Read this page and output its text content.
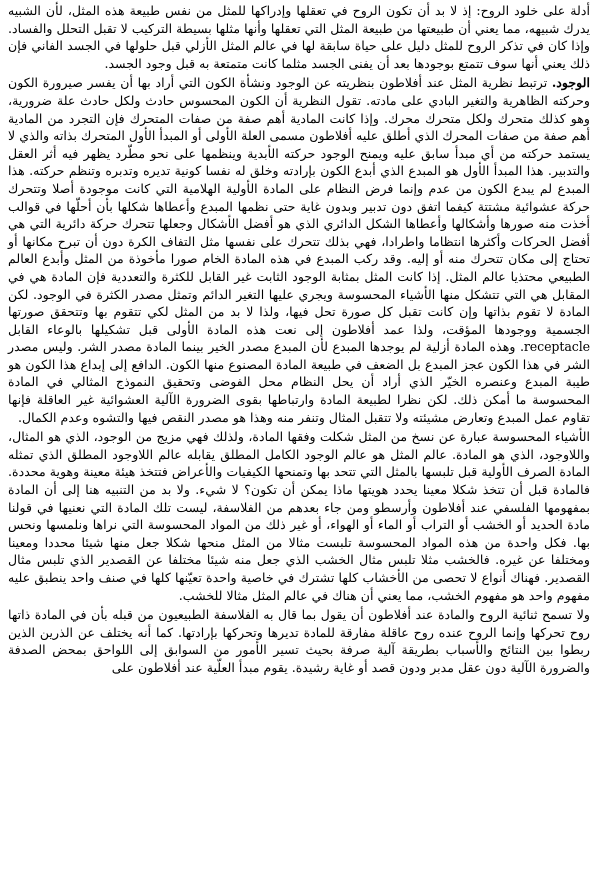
أدلة على خلود الروح: إذ لا بد أن تكون الروح في تعقلها وإدراكها للمثل من نفس طبيعة هذه المثل، لأن الشبيه يدرك شبيهه، مما يعني أن طبيعتها من طبيعة المثل التي تعقلها وأنها مثلها بسيطة التركيب لا تقبل التحلل والفساد. وإذا كان في تذكر الروح للمثل دليل على حياة سابقة لها في عالم المثل الأزلي قبل حلولها في الجسد الفاني فإن ذلك يعني أنها سوف تتمتع بوجودها بعد أن يفنى الجسد مثلما كانت متمتعة به قبل وجود الجسد.

الوجود. ترتبط نظرية المثل عند أفلاطون بنظريته عن الوجود ونشأة الكون التي أراد بها أن يفسر صيرورة الكون وحركته الظاهرية والتغير البادي على مادته. تقول النظرية أن الكون المحسوس حادث ولكل حادث علة ضرورية، وهو كذلك متحرك ولكل متحرك محرك. وإذا كانت المادية أهم صفة من صفات المتحرك فإن التجرد من المادية أهم صفة من صفات المحرك الذي أطلق عليه أفلاطون مسمى العلة الأولى أو المبدأ الأول المتحرك بذاته والذي لا يستمد حركته من أي مبدأ سابق عليه ويمنح الوجود حركته الأبدية وينظمها على نحو مطّرد يظهر فيه أثر العقل والتدبير. هذا المبدأ الأول هو المبدع الذي أبدع الكون بإرادته وخلق له نفسا كونية تديره وتدبره وتنظم حركته. هذا المبدع لم يبدع الكون من عدم وإنما فرض النظام على المادة الأولية الهلامية التي كانت موجودة أصلا وتتحرك حركة عشوائية مشتتة كيفما اتفق دون تدبير وبدون غاية حتى نظمها المبدع وأعطاها شكلها بأن أحلّها في قوالب أخذت منه صورها وأشكالها وأعطاها الشكل الدائري الذي هو أفضل الأشكال وجعلها تتحرك حركة دائرية التي هي أفضل الحركات وأكثرها انتظاما واطرادا، فهي بذلك تتحرك على نفسها مثل التفاف الكرة دون أن تبرح مكانها أو تحتاج إلى مكان تتحرك منه أو إليه. وقد ركب المبدع في هذه المادة الخام صورا مأخوذة من المثل وأبدع العالم الطبيعي محتذيا عالم المثل. إذا كانت المثل بمثابة الوجود الثابت غير القابل للكثرة والتعددية فإن المادة هي في المقابل هي التي تتشكل منها الأشياء المحسوسة ويجري عليها التغير الدائم وتمثل مصدر الكثرة في الوجود. لكن المادة لا تقوم بذاتها وإن كانت تقبل كل صورة تحل فيها، ولذا لا بد من المثل لكي تتقوم بها وتتحقق صورتها الجسمية ووجودها المؤقت، ولذا عمد أفلاطون إلى نعت هذه المادة الأولى قبل تشكيلها بالوعاء القابل receptacle. وهذه المادة أزلية لم يوجدها المبدع لأن المبدع مصدر الخير بينما المادة مصدر الشر. وليس مصدر الشر في هذا الكون عجز المبدع بل الضعف في طبيعة المادة المصنوع منها الكون. الدافع إلى إبداع هذا الكون هو طيبة المبدع وعنصره الخيّر الذي أراد أن يحل النظام محل الفوضى وتحقيق النموذج المثالي في المادة المحسوسة ما أمكن ذلك. لكن نظرا لطبيعة المادة وارتباطها بقوى الضرورة الآلية العشوائية غير العاقلة فإنها تقاوم عمل المبدع وتعارض مشيئته ولا تتقبل المثال وتنفر منه وهذا هو مصدر النقص فيها والتشوه وعدم الكمال.

الأشياء المحسوسة عبارة عن نسخ من المثل شكلت وفقها المادة، ولذلك فهي مزيج من الوجود، الذي هو المثال، واللاوجود، الذي هو المادة. عالم المثل هو عالم الوجود الكامل المطلق يقابله عالم اللاوجود المطلق الذي تمثله المادة الصرف الأولية قبل تلبسها بالمثل التي تتحد بها وتمنحها الكيفيات والأعراض فتتخذ هيئة معينة وهوية محددة. فالمادة قبل أن تتخذ شكلا معينا يحدد هويتها ماذا يمكن أن تكون؟ لا شيء. ولا بد من التنبيه هنا إلى أن المادة بمفهومها الفلسفي عند أفلاطون وأرسطو ومن جاء بعدهم من الفلاسفة، ليست تلك المادة التي نعنيها في قولنا مادة الحديد أو الخشب أو التراب أو الماء أو الهواء، أو غير ذلك من المواد المحسوسة التي نراها ونلمسها ونحس بها. فكل واحدة من هذه المواد المحسوسة تلبست مثالا من المثل منحها شكلا جعل منها شيئا محددا ومعينا ومختلفا عن غيره. فالخشب مثلا تلبس مثال الخشب الذي جعل منه شيئا مختلفا عن القصدير الذي تلبس مثال القصدير. فهناك أنواع لا تحصى من الأخشاب كلها تشترك في خاصية واحدة تعيّنها كلها في صنف واحد ينطبق عليه مفهوم واحد هو مفهوم الخشب، مما يعني أن هناك في عالم المثل مثالا للخشب.

ولا تسمح ثنائية الروح والمادة عند أفلاطون أن يقول بما قال به الفلاسفة الطبيعيون من قبله بأن في المادة ذاتها روح تحركها وإنما الروح عنده روح عاقلة مفارقة للمادة تديرها وتحركها بإرادتها. كما أنه يختلف عن الذرين الذين ربطوا بين النتائج والأسباب بطريقة آلية صرفة بحيث تسير الأمور من السوابق إلى اللواحق بمحض الصدفة والضرورة الآلية دون عقل مدبر ودون قصد أو غاية رشيدة. يقوم مبدأ العلّية عند أفلاطون على
